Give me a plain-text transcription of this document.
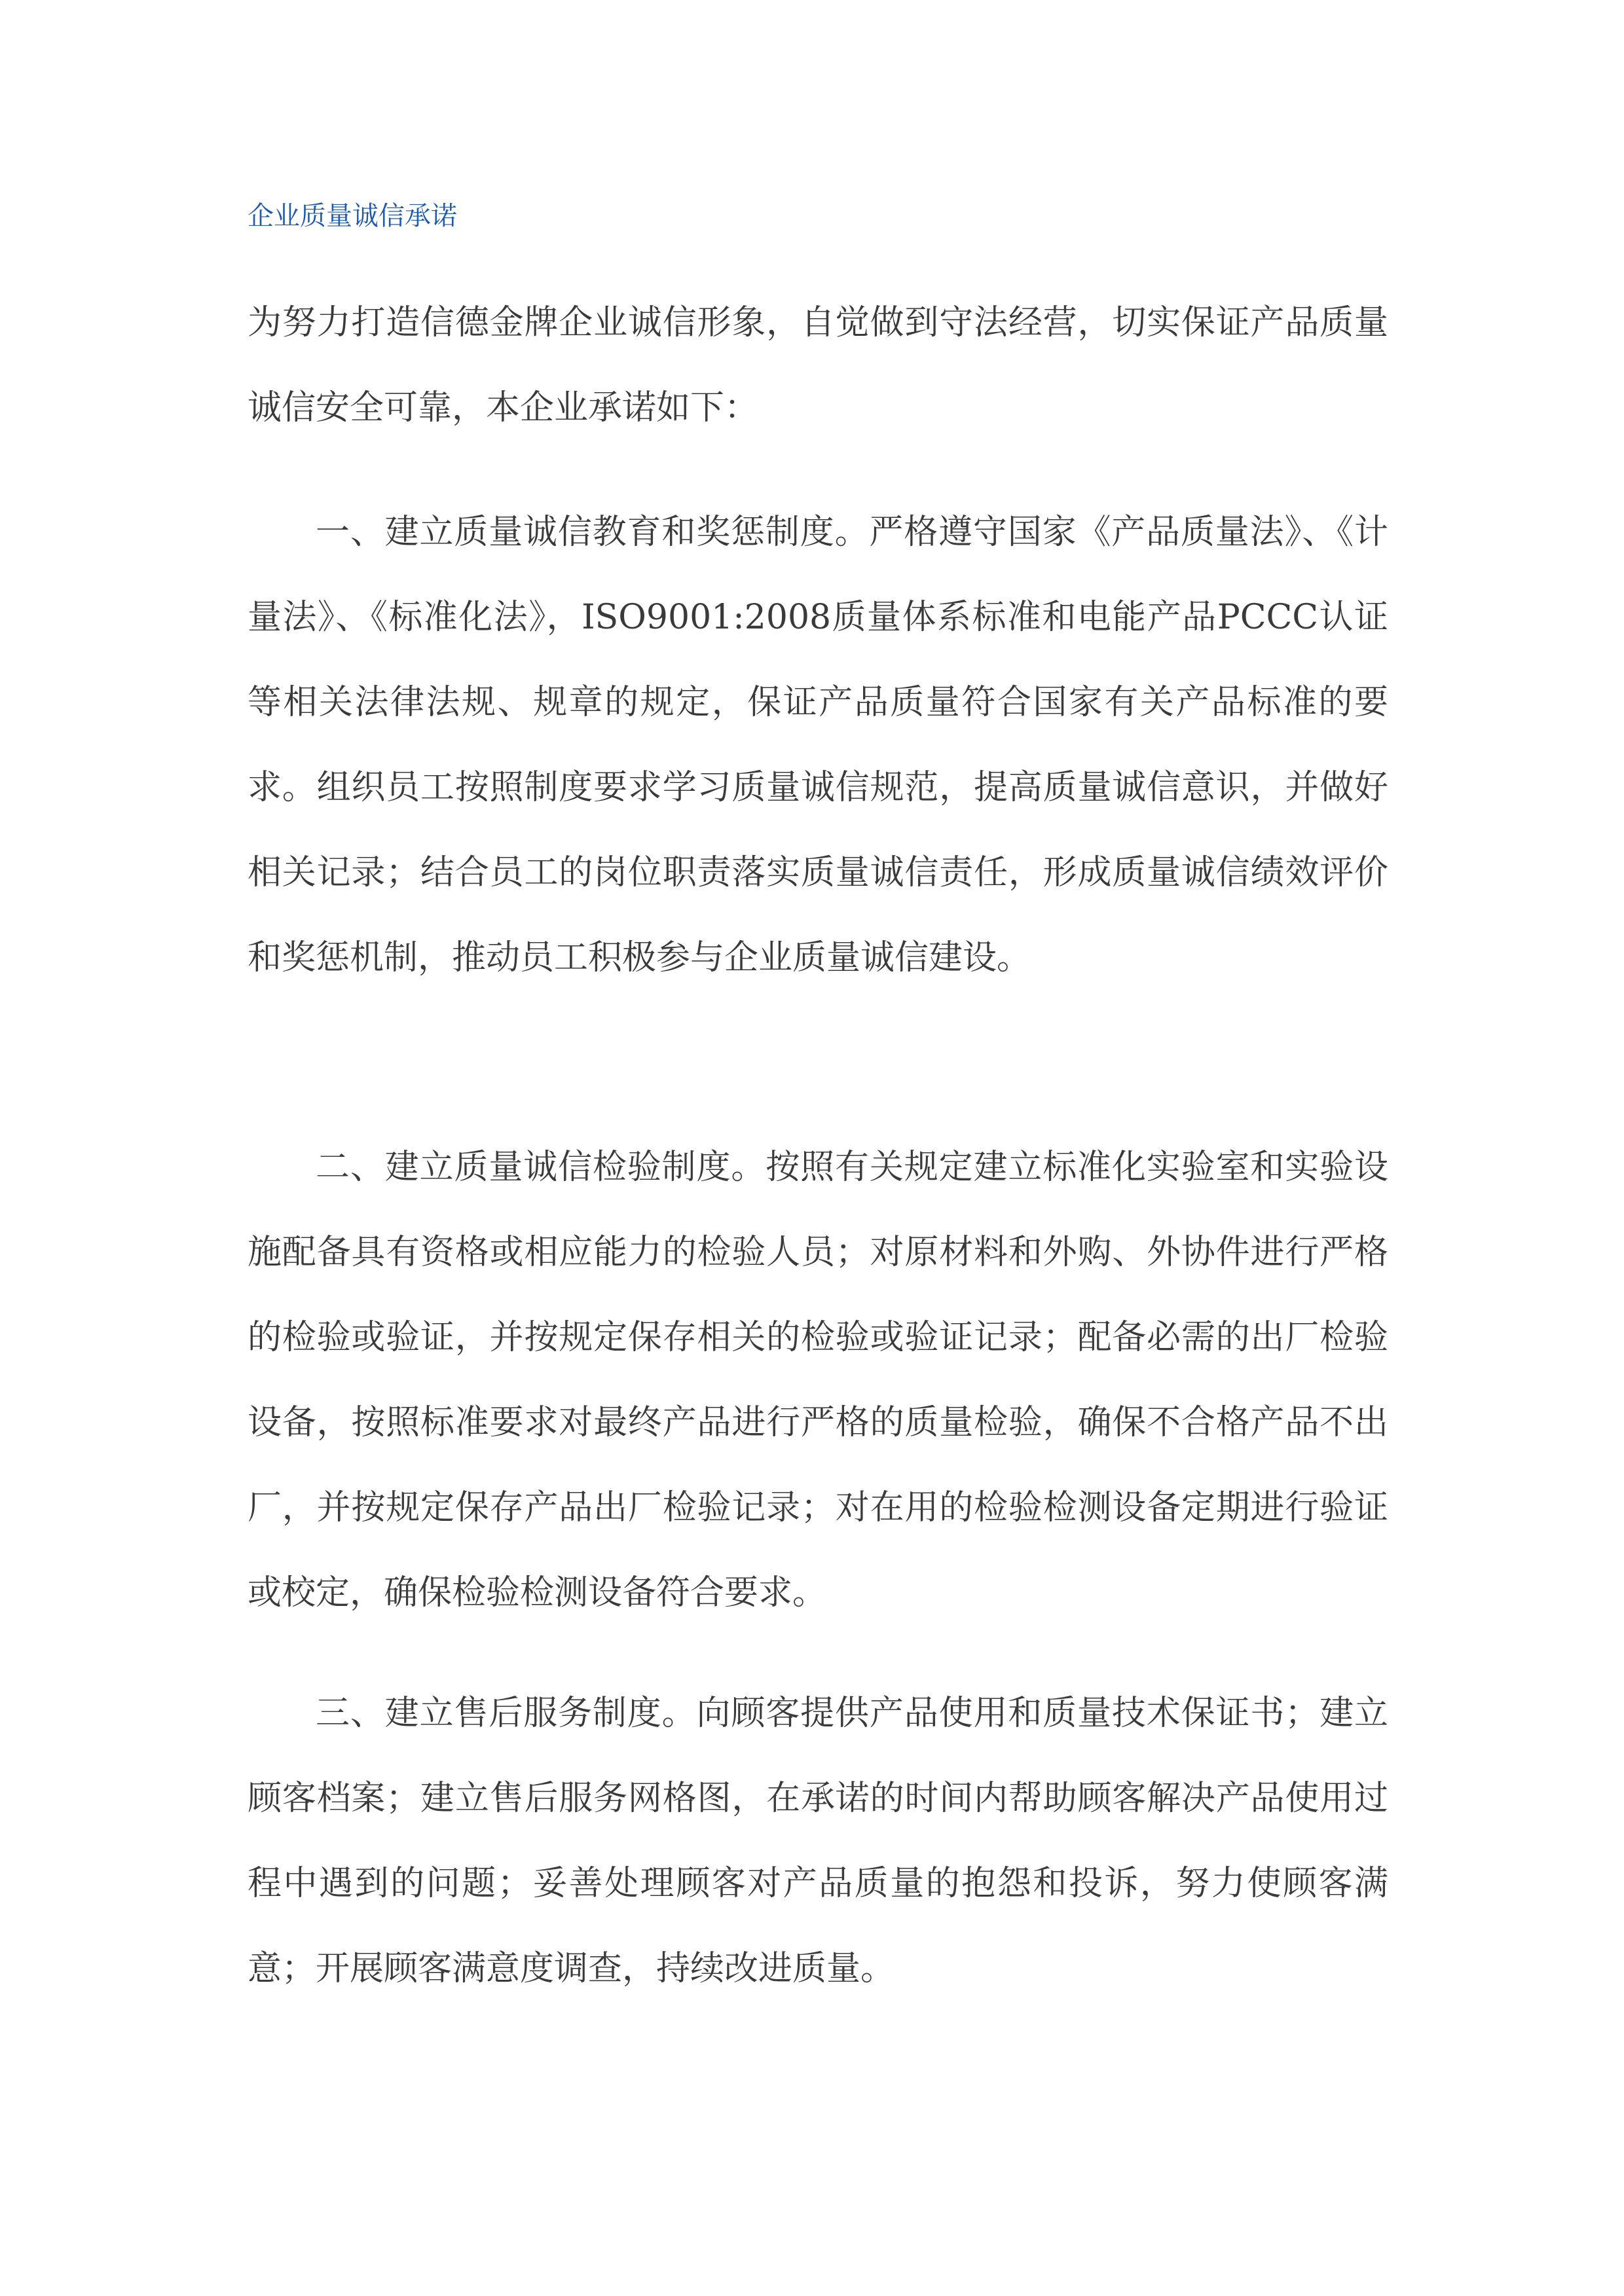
企业质量诚信承诺

为努力打造信德金牌企业诚信形象，自觉做到守法经营，切实保证产品质量诚信安全可靠，本企业承诺如下：

一、建立质量诚信教育和奖惩制度。严格遵守国家《产品质量法》、《计量法》、《标准化法》，ISO9001:2008质量体系标准和电能产品PCCC认证等相关法律法规、规章的规定，保证产品质量符合国家有关产品标准的要求。组织员工按照制度要求学习质量诚信规范，提高质量诚信意识，并做好相关记录；结合员工的岗位职责落实质量诚信责任，形成质量诚信绩效评价和奖惩机制，推动员工积极参与企业质量诚信建设。

二、建立质量诚信检验制度。按照有关规定建立标准化实验室和实验设施配备具有资格或相应能力的检验人员；对原材料和外购、外协件进行严格的检验或验证，并按规定保存相关的检验或验证记录；配备必需的出厂检验设备，按照标准要求对最终产品进行严格的质量检验，确保不合格产品不出厂，并按规定保存产品出厂检验记录；对在用的检验检测设备定期进行验证或校定，确保检验检测设备符合要求。

三、建立售后服务制度。向顾客提供产品使用和质量技术保证书；建立顾客档案；建立售后服务网格图，在承诺的时间内帮助顾客解决产品使用过程中遇到的问题；妥善处理顾客对产品质量的抱怨和投诉，努力使顾客满意；开展顾客满意度调查，持续改进质量。
